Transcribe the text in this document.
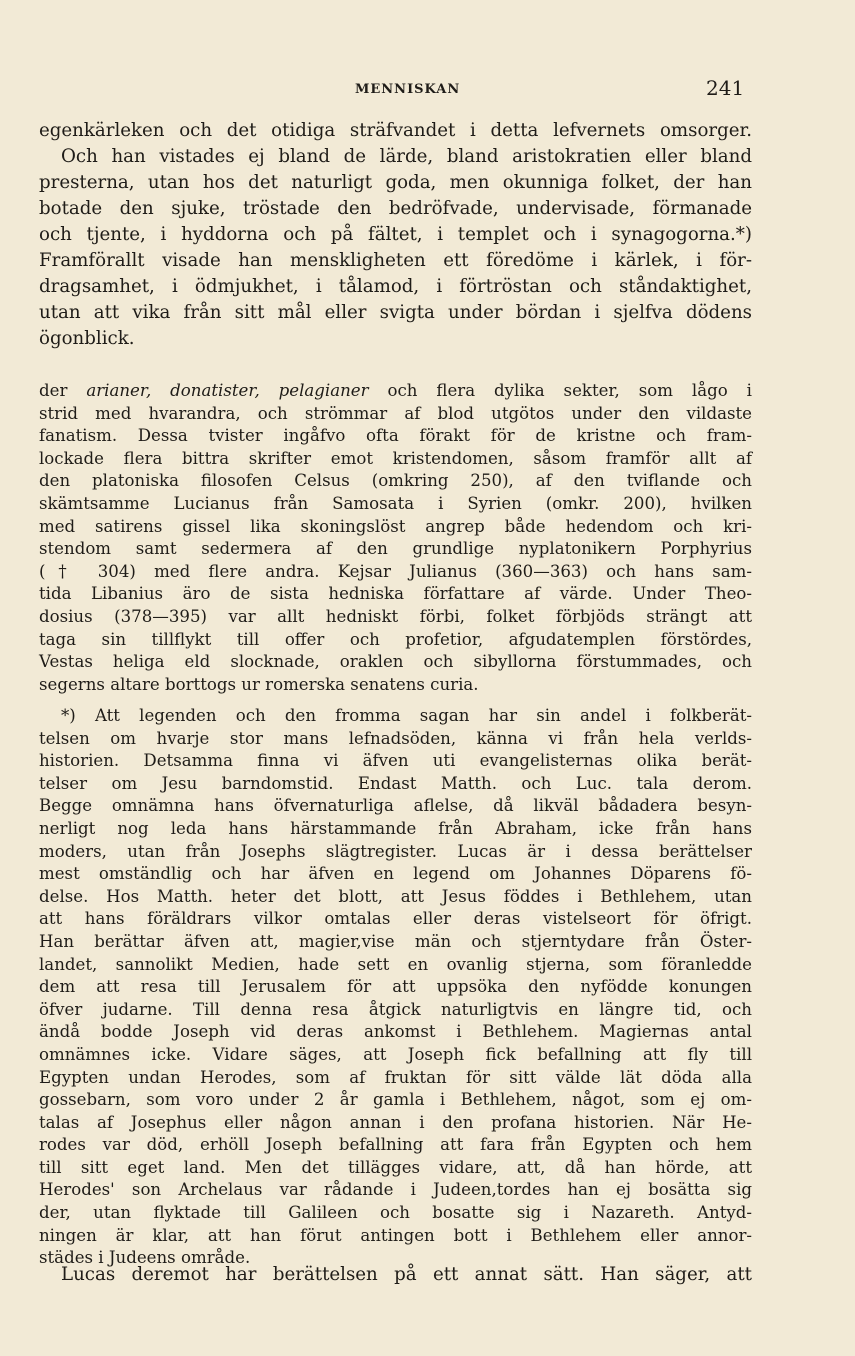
MENNISKAN	241
egenkärleken och det otidiga sträfvandet i detta lefvernets omsorger.
Och han vistades ej bland de lärde, bland aristokratien eller bland
presterna, utan hos det naturligt goda, men okunniga folket, der han
botade den sjuke, tröstade den bedröfvade, undervisade, förmanade
och tjente, i hyddorna och på fältet, i templet och i synagogorna.*)
Framförallt visade han menskligheten ett föredöme i kärlek, i för-
dragsamhet, i ödmjukhet, i tålamod, i förtröstan och ståndaktighet,
utan att vika från sitt mål eller svigta under bördan i sjelfva dödens
ögonblick.
der arianer, donatister, pelagianer och flera dylika sekter, som lågo i
strid med hvarandra, och strömmar af blod utgötos under den vildaste
fanatism. Dessa tvister ingåfvo ofta förakt för de kristne och fram-
lockade flera bittra skrifter emot kristendomen, såsom framför allt af
den platoniska filosofen Celsus (omkring 250), af den tviflande och
skämtsamme Lucianus från Samosata i Syrien (omkr. 200), hvilken
med satirens gissel lika skoningslöst angrep både hedendom och kri-
stendom samt sedermera af den grundlige nyplatonikern Porphyrius
(† 304) med flere andra. Kejsar Julianus (360—363) och hans sam-
tida Libanius äro de sista hedniska författare af värde. Under Theo-
dosius (378—395) var allt hedniskt förbi, folket förbjöds strängt att
taga sin tillflykt till offer och profetior, afgudatemplen förstördes,
Vestas heliga eld slocknade, oraklen och sibyllorna förstummades, och
segerns altare borttogs ur romerska senatens curia.
*) Att legenden och den fromma sagan har sin andel i folkberät-
telsen om hvarje stor mans lefnadsöden, känna vi från hela verlds-
historien. Detsamma finna vi äfven uti evangelisternas olika berät-
telser om Jesu barndomstid. Endast Matth. och Luc. tala derom.
Begge omnämna hans öfvernaturliga aflelse, då likväl bådadera besyn-
nerligt nog leda hans härstammande från Abraham, icke från hans
moders, utan från Josephs slägtregister. Lucas är i dessa berättelser
mest omständlig och har äfven en legend om Johannes Döparens fö-
delse. Hos Matth. heter det blott, att Jesus föddes i Bethlehem, utan
att hans föräldrars vilkor omtalas eller deras vistelseort för öfrigt.
Han berättar äfven att, magier,vise män och stjerntydare från Öster-
landet, sannolikt Medien, hade sett en ovanlig stjerna, som föranledde
dem att resa till Jerusalem för att uppsöka den nyfödde konungen
öfver judarne. Till denna resa åtgick naturligtvis en längre tid, och
ändå bodde Joseph vid deras ankomst i Bethlehem. Magiernas antal
omnämnes icke. Vidare säges, att Joseph fick befallning att fly till
Egypten undan Herodes, som af fruktan för sitt välde lät döda alla
gossebarn, som voro under 2 år gamla i Bethlehem, något, som ej om-
talas af Josephus eller någon annan i den profana historien. När He-
rodes var död, erhöll Joseph befallning att fara från Egypten och hem
till sitt eget land. Men det tillägges vidare, att, då han hörde, att
Herodes' son Archelaus var rådande i Judeen,tordes han ej bosätta sig
der, utan flyktade till Galileen och bosatte sig i Nazareth. Antyd-
ningen är klar, att han förut antingen bott i Bethlehem eller annor-
städes i Judeens område.
Lucas deremot har berättelsen på ett annat sätt. Han säger, att
